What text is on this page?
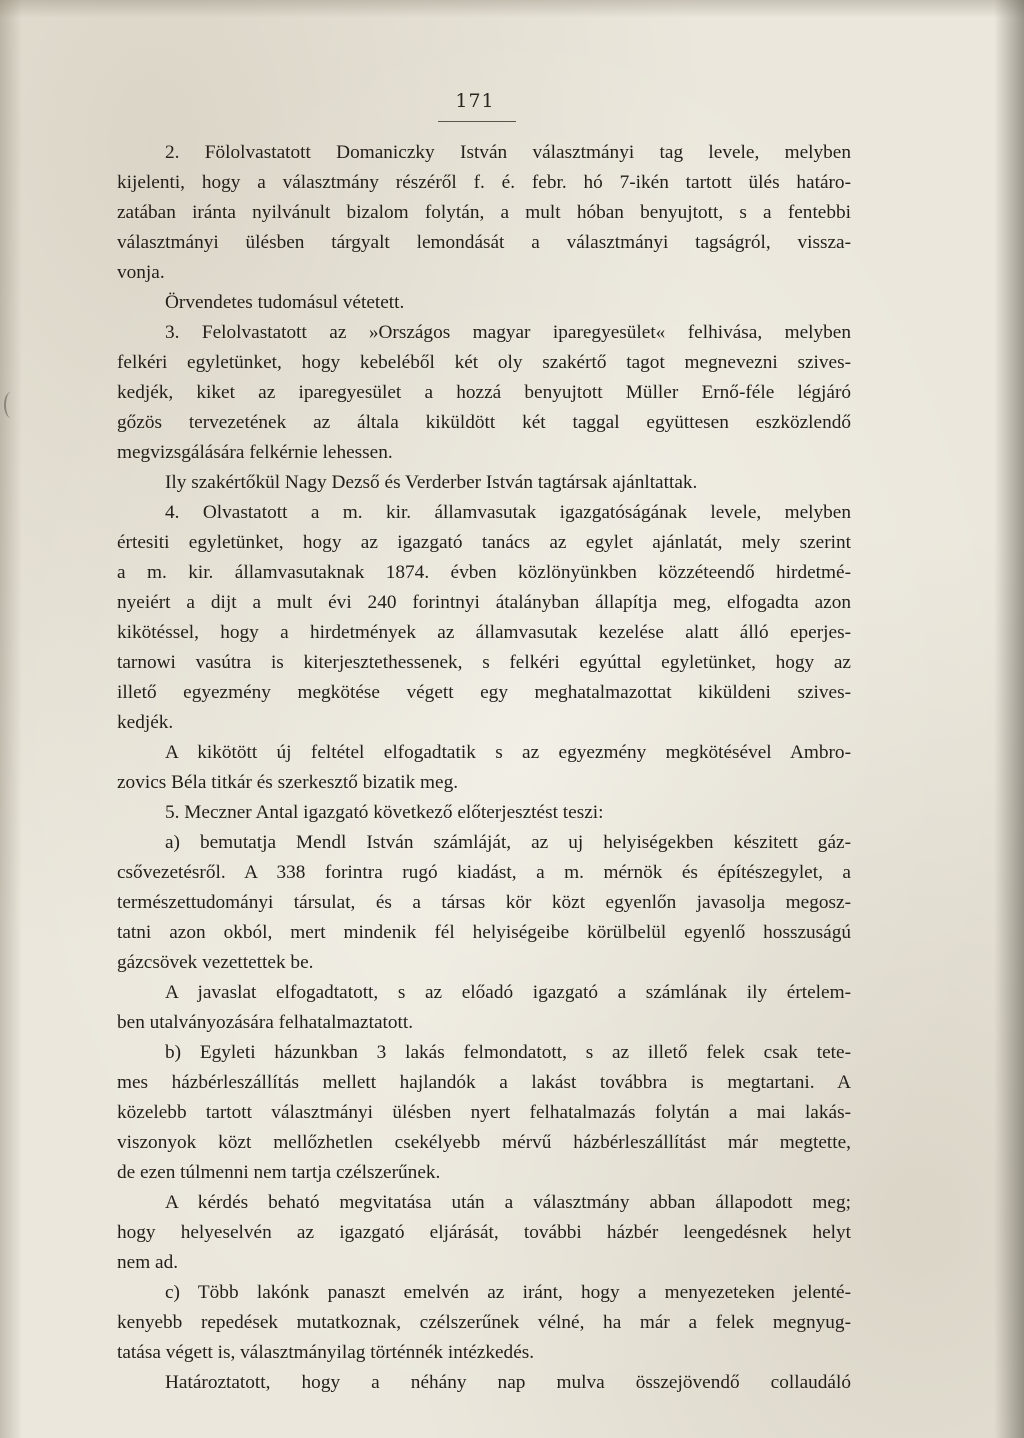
171
2. Fölolvastatott Domaniczky István választmányi tag levele, melyben
kijelenti, hogy a választmány részéről f. é. febr. hó 7-ikén tartott ülés határo-
zatában iránta nyilvánult bizalom folytán, a mult hóban benyujtott, s a fentebbi
választmányi ülésben tárgyalt lemondását a választmányi tagságról, vissza-
vonja.
Örvendetes tudomásul vétetett.
3. Felolvastatott az »Országos magyar iparegyesület« felhivása, melyben
felkéri egyletünket, hogy kebeléből két oly szakértő tagot megnevezni szives-
kedjék, kiket az iparegyesület a hozzá benyujtott Müller Ernő-féle légjáró
gőzös tervezetének az általa kiküldött két taggal együttesen eszközlendő
megvizsgálására felkérnie lehessen.
Ily szakértőkül Nagy Dezső és Verderber István tagtársak ajánltattak.
4. Olvastatott a m. kir. államvasutak igazgatóságának levele, melyben
értesiti egyletünket, hogy az igazgató tanács az egylet ajánlatát, mely szerint
a m. kir. államvasutaknak 1874. évben közlönyünkben közzéteendő hirdetmé-
nyeiért a dijt a mult évi 240 forintnyi átalányban állapítja meg, elfogadta azon
kikötéssel, hogy a hirdetmények az államvasutak kezelése alatt álló eperjes-
tarnowi vasútra is kiterjesztethessenek, s felkéri egyúttal egyletünket, hogy az
illető egyezmény megkötése végett egy meghatalmazottat kiküldeni szives-
kedjék.
A kikötött új feltétel elfogadtatik s az egyezmény megkötésével Ambro-
zovics Béla titkár és szerkesztő bizatik meg.
5. Meczner Antal igazgató következő előterjesztést teszi:
a) bemutatja Mendl István számláját, az uj helyiségekben készitett gáz-
csővezetésről. A 338 forintra rugó kiadást, a m. mérnök és építészegylet, a
természettudományi társulat, és a társas kör közt egyenlőn javasolja megosz-
tatni azon okból, mert mindenik fél helyiségeibe körülbelül egyenlő hosszuságú
gázcsövek vezettettek be.
A javaslat elfogadtatott, s az előadó igazgató a számlának ily értelem-
ben utalványozására felhatalmaztatott.
b) Egyleti házunkban 3 lakás felmondatott, s az illető felek csak tete-
mes házbérleszállítás mellett hajlandók a lakást továbbra is megtartani. A
közelebb tartott választmányi ülésben nyert felhatalmazás folytán a mai lakás-
viszonyok közt mellőzhetlen csekélyebb mérvű házbérleszállítást már megtette,
de ezen túlmenni nem tartja czélszerűnek.
A kérdés beható megvitatása után a választmány abban állapodott meg;
hogy helyeselvén az igazgató eljárását, további házbér leengedésnek helyt
nem ad.
c) Több lakónk panaszt emelvén az iránt, hogy a menyezeteken jelenté-
kenyebb repedések mutatkoznak, czélszerűnek vélné, ha már a felek megnyug-
tatása végett is, választmányilag történnék intézkedés.
Határoztatott, hogy a néhány nap mulva összejövendő collaudáló
